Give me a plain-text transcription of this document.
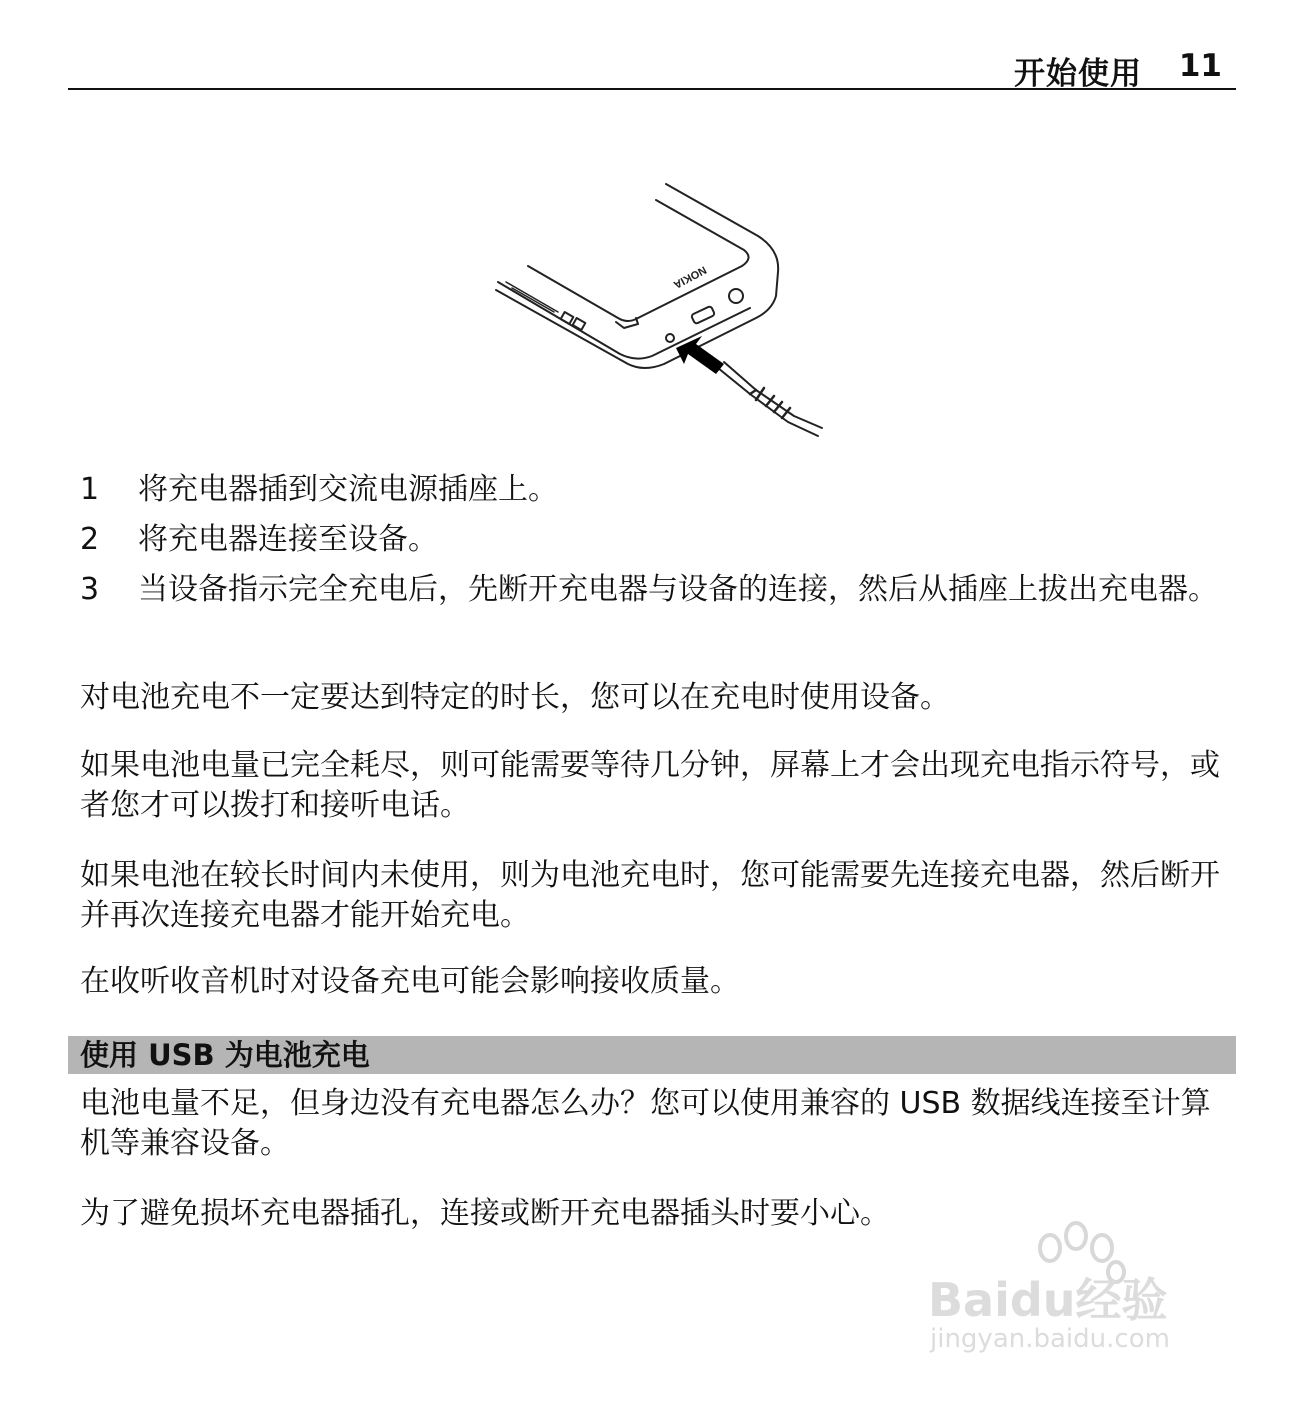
开始使用 11
NOKIA
1 将充电器插到交流电源插座上。
2 将充电器连接至设备。
3 当设备指示完全充电后，先断开充电器与设备的连接，然后从插座上拔出充电器。
对电池充电不一定要达到特定的时长，您可以在充电时使用设备。
如果电池电量已完全耗尽，则可能需要等待几分钟，屏幕上才会出现充电指示符号，或者您才可以拨打和接听电话。
如果电池在较长时间内未使用，则为电池充电时，您可能需要先连接充电器，然后断开并再次连接充电器才能开始充电。
在收听收音机时对设备充电可能会影响接收质量。
使用 USB 为电池充电
电池电量不足，但身边没有充电器怎么办？您可以使用兼容的 USB 数据线连接至计算机等兼容设备。
为了避免损坏充电器插孔，连接或断开充电器插头时要小心。
Baidu经验
jingyan.baidu.com
